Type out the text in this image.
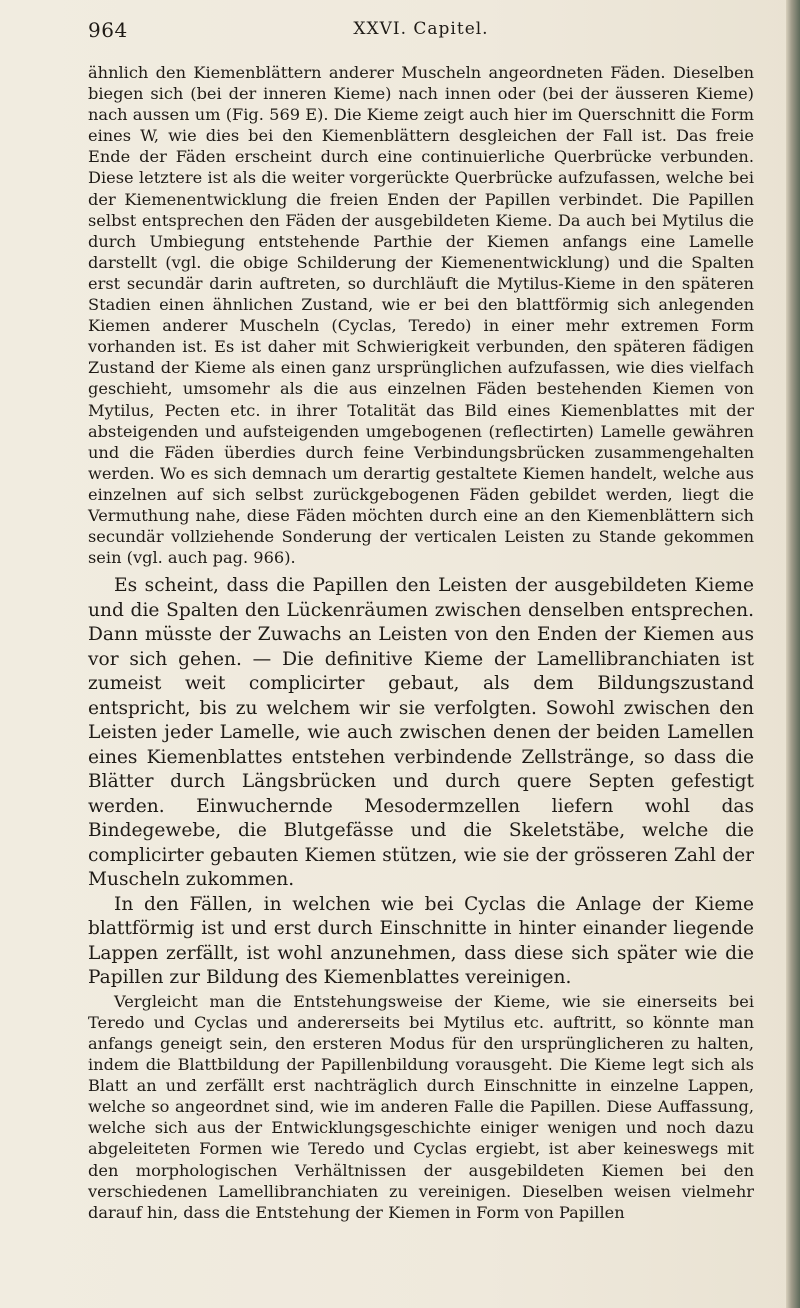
964	XXVI. Capitel.

ähnlich den Kiemenblättern anderer Muscheln angeordneten Fäden. Dieselben biegen sich (bei der inneren Kieme) nach innen oder (bei der äusseren Kieme) nach aussen um (Fig. 569 E). Die Kieme zeigt auch hier im Querschnitt die Form eines W, wie dies bei den Kiemenblättern desgleichen der Fall ist. Das freie Ende der Fäden erscheint durch eine continuierliche Querbrücke verbunden. Diese letztere ist als die weiter vorgerückte Querbrücke aufzufassen, welche bei der Kiemenentwicklung die freien Enden der Papillen verbindet. Die Papillen selbst entsprechen den Fäden der ausgebildeten Kieme. Da auch bei Mytilus die durch Umbiegung entstehende Parthie der Kiemen anfangs eine Lamelle darstellt (vgl. die obige Schilderung der Kiemenentwicklung) und die Spalten erst secundär darin auftreten, so durchläuft die Mytilus-Kieme in den späteren Stadien einen ähnlichen Zustand, wie er bei den blattförmig sich anlegenden Kiemen anderer Muscheln (Cyclas, Teredo) in einer mehr extremen Form vorhanden ist. Es ist daher mit Schwierigkeit verbunden, den späteren fädigen Zustand der Kieme als einen ganz ursprünglichen aufzufassen, wie dies vielfach geschieht, umsomehr als die aus einzelnen Fäden bestehenden Kiemen von Mytilus, Pecten etc. in ihrer Totalität das Bild eines Kiemenblattes mit der absteigenden und aufsteigenden umgebogenen (reflectirten) Lamelle gewähren und die Fäden überdies durch feine Verbindungsbrücken zusammengehalten werden. Wo es sich demnach um derartig gestaltete Kiemen handelt, welche aus einzelnen auf sich selbst zurückgebogenen Fäden gebildet werden, liegt die Vermuthung nahe, diese Fäden möchten durch eine an den Kiemenblättern sich secundär vollziehende Sonderung der verticalen Leisten zu Stande gekommen sein (vgl. auch pag. 966).

Es scheint, dass die Papillen den Leisten der ausgebildeten Kieme und die Spalten den Lückenräumen zwischen denselben entsprechen. Dann müsste der Zuwachs an Leisten von den Enden der Kiemen aus vor sich gehen. — Die definitive Kieme der Lamellibranchiaten ist zumeist weit complicirter gebaut, als dem Bildungszustand entspricht, bis zu welchem wir sie verfolgten. Sowohl zwischen den Leisten jeder Lamelle, wie auch zwischen denen der beiden Lamellen eines Kiemenblattes entstehen verbindende Zellstränge, so dass die Blätter durch Längsbrücken und durch quere Septen gefestigt werden. Einwuchernde Mesodermzellen liefern wohl das Bindegewebe, die Blutgefässe und die Skeletstäbe, welche die complicirter gebauten Kiemen stützen, wie sie der grösseren Zahl der Muscheln zukommen.

In den Fällen, in welchen wie bei Cyclas die Anlage der Kieme blattförmig ist und erst durch Einschnitte in hinter einander liegende Lappen zerfällt, ist wohl anzunehmen, dass diese sich später wie die Papillen zur Bildung des Kiemenblattes vereinigen.

Vergleicht man die Entstehungsweise der Kieme, wie sie einerseits bei Teredo und Cyclas und andererseits bei Mytilus etc. auftritt, so könnte man anfangs geneigt sein, den ersteren Modus für den ursprünglicheren zu halten, indem die Blattbildung der Papillenbildung vorausgeht. Die Kieme legt sich als Blatt an und zerfällt erst nachträglich durch Einschnitte in einzelne Lappen, welche so angeordnet sind, wie im anderen Falle die Papillen. Diese Auffassung, welche sich aus der Entwicklungsgeschichte einiger wenigen und noch dazu abgeleiteten Formen wie Teredo und Cyclas ergiebt, ist aber keineswegs mit den morphologischen Verhältnissen der ausgebildeten Kiemen bei den verschiedenen Lamellibranchiaten zu vereinigen. Dieselben weisen vielmehr darauf hin, dass die Entstehung der Kiemen in Form von Papillen
